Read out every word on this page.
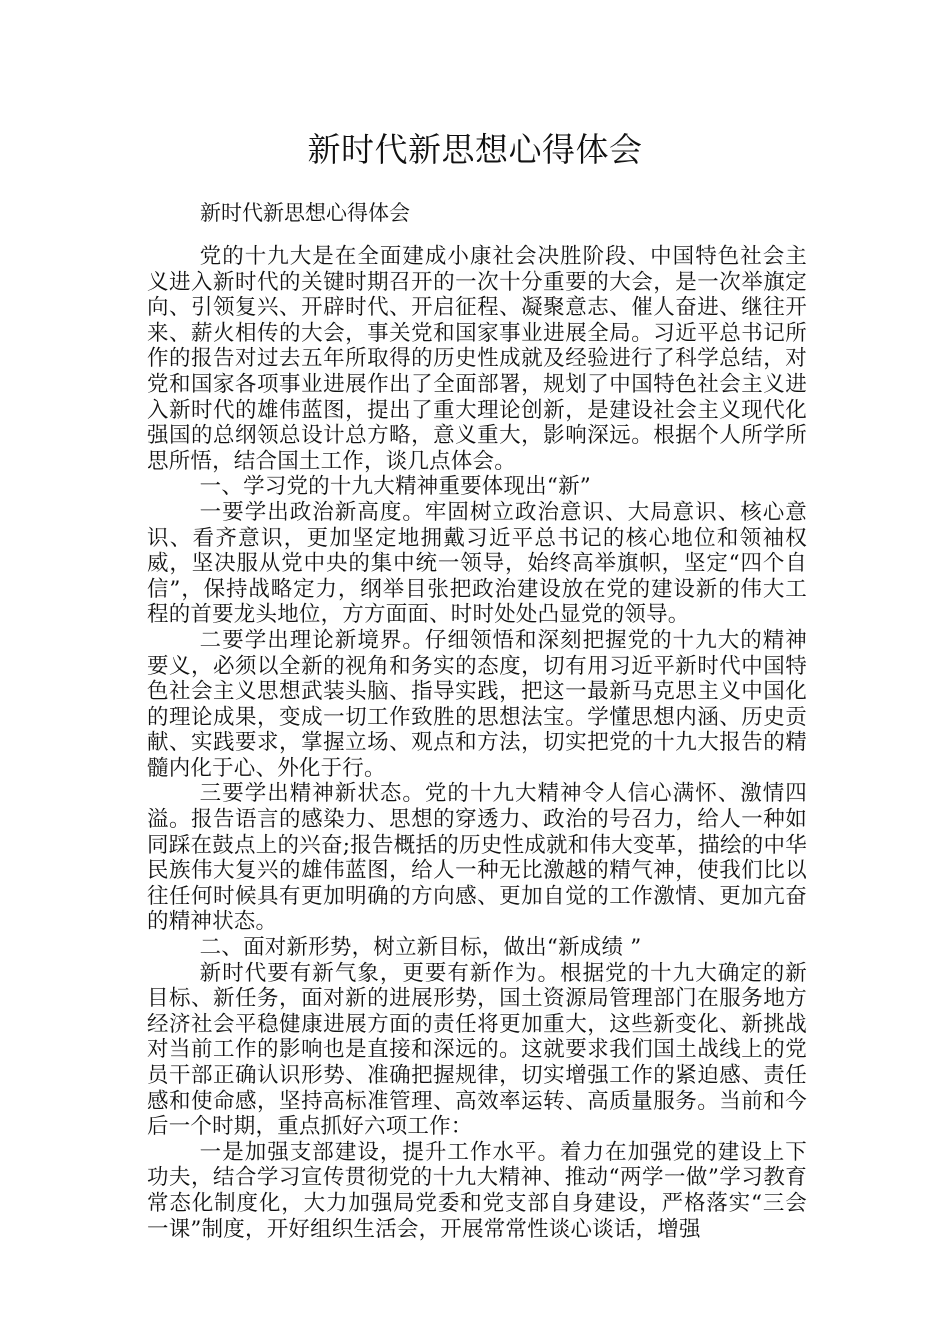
新时代新思想心得体会

新时代新思想心得体会

党的十九大是在全面建成小康社会决胜阶段、中国特色社会主义进入新时代的关键时期召开的一次十分重要的大会，是一次举旗定向、引领复兴、开辟时代、开启征程、凝聚意志、催人奋进、继往开来、薪火相传的大会，事关党和国家事业进展全局。习近平总书记所作的报告对过去五年所取得的历史性成就及经验进行了科学总结，对党和国家各项事业进展作出了全面部署，规划了中国特色社会主义进入新时代的雄伟蓝图，提出了重大理论创新，是建设社会主义现代化强国的总纲领总设计总方略，意义重大，影响深远。根据个人所学所思所悟，结合国土工作，谈几点体会。

一、学习党的十九大精神重要体现出“新”

一要学出政治新高度。牢固树立政治意识、大局意识、核心意识、看齐意识，更加坚定地拥戴习近平总书记的核心地位和领袖权威，坚决服从党中央的集中统一领导，始终高举旗帜，坚定“四个自信”，保持战略定力，纲举目张把政治建设放在党的建设新的伟大工程的首要龙头地位，方方面面、时时处处凸显党的领导。

二要学出理论新境界。仔细领悟和深刻把握党的十九大的精神要义，必须以全新的视角和务实的态度，切有用习近平新时代中国特色社会主义思想武装头脑、指导实践，把这一最新马克思主义中国化的理论成果，变成一切工作致胜的思想法宝。学懂思想内涵、历史贡献、实践要求，掌握立场、观点和方法，切实把党的十九大报告的精髓内化于心、外化于行。

三要学出精神新状态。党的十九大精神令人信心满怀、激情四溢。报告语言的感染力、思想的穿透力、政治的号召力，给人一种如同踩在鼓点上的兴奋;报告概括的历史性成就和伟大变革，描绘的中华民族伟大复兴的雄伟蓝图，给人一种无比激越的精气神，使我们比以往任何时候具有更加明确的方向感、更加自觉的工作激情、更加亢奋的精神状态。

二、面对新形势，树立新目标，做出“新成绩 ”

新时代要有新气象，更要有新作为。根据党的十九大确定的新目标、新任务，面对新的进展形势，国土资源局管理部门在服务地方经济社会平稳健康进展方面的责任将更加重大，这些新变化、新挑战对当前工作的影响也是直接和深远的。这就要求我们国土战线上的党员干部正确认识形势、准确把握规律，切实增强工作的紧迫感、责任感和使命感，坚持高标准管理、高效率运转、高质量服务。当前和今后一个时期，重点抓好六项工作：

一是加强支部建设，提升工作水平。着力在加强党的建设上下功夫，结合学习宣传贯彻党的十九大精神、推动“两学一做”学习教育常态化制度化，大力加强局党委和党支部自身建设，严格落实“三会一课”制度，开好组织生活会，开展常常性谈心谈话，增强
